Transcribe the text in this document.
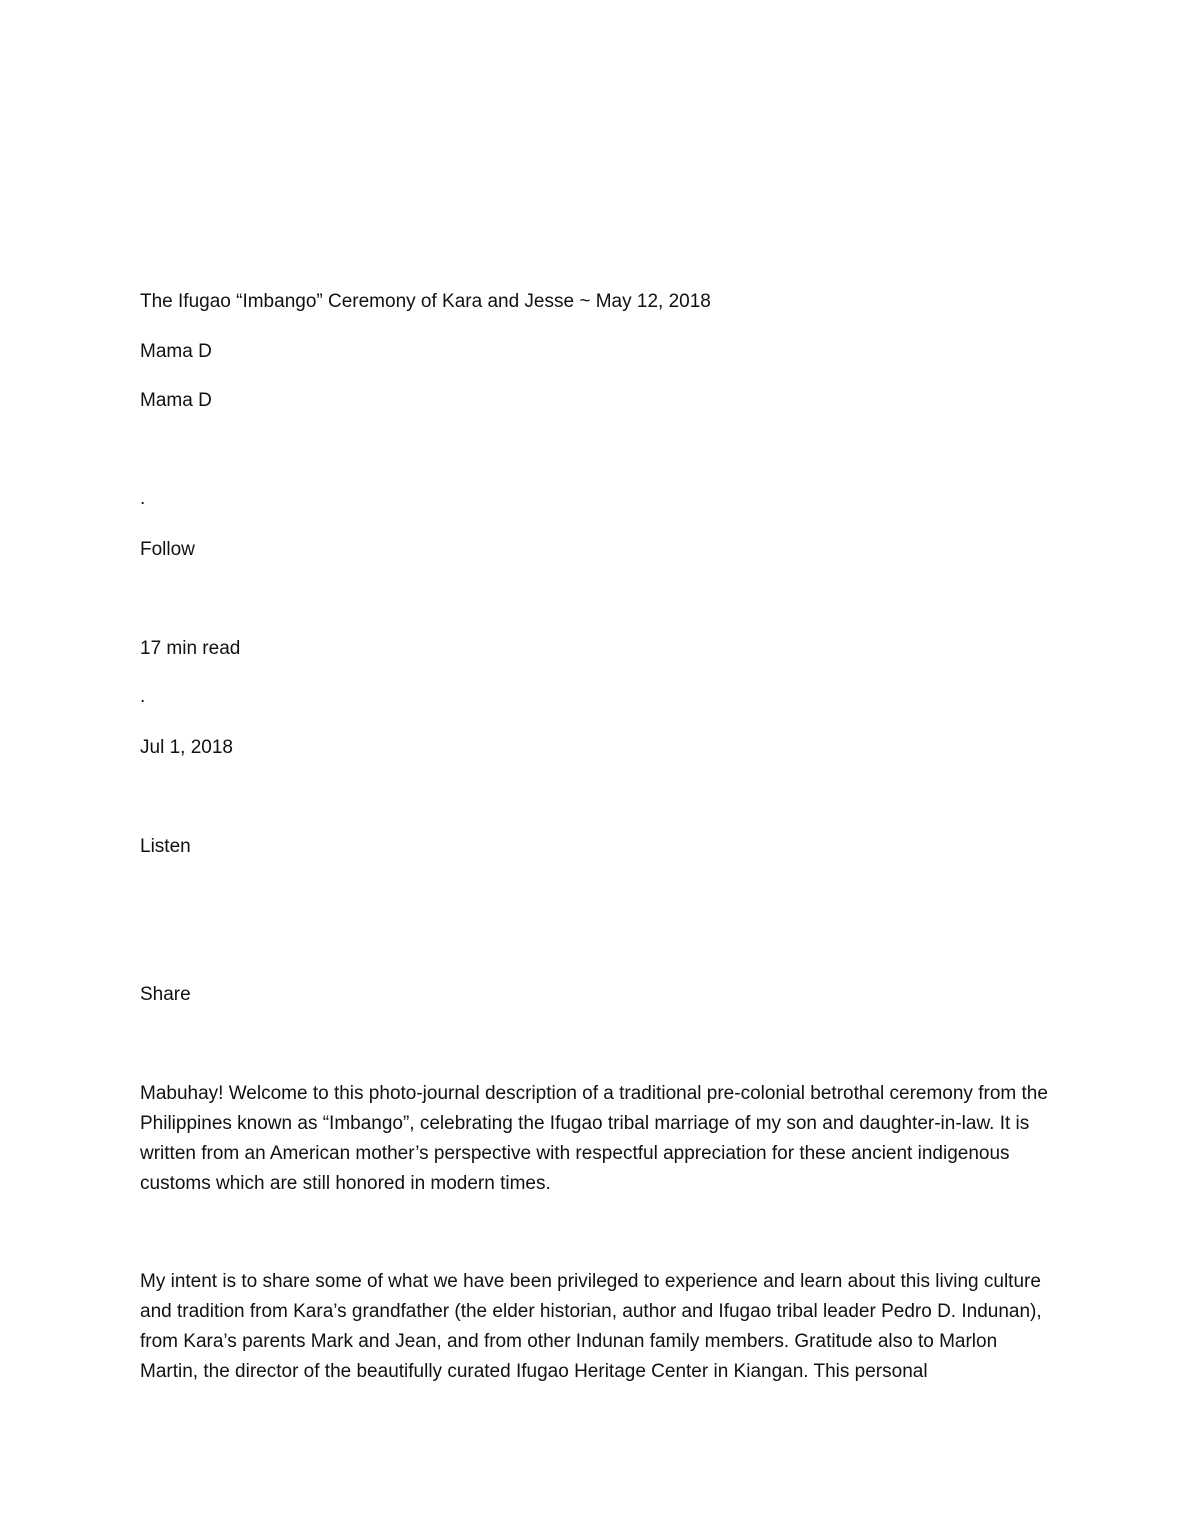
The Ifugao “Imbango” Ceremony of Kara and Jesse ~ May 12, 2018

Mama D

Mama D

.

Follow

17 min read

.

Jul 1, 2018

Listen

Share

Mabuhay! Welcome to this photo-journal description of a traditional pre-colonial betrothal ceremony from the Philippines known as “Imbango”, celebrating the Ifugao tribal marriage of my son and daughter-in-law. It is written from an American mother’s perspective with respectful appreciation for these ancient indigenous customs which are still honored in modern times.

My intent is to share some of what we have been privileged to experience and learn about this living culture and tradition from Kara’s grandfather (the elder historian, author and Ifugao tribal leader Pedro D. Indunan), from Kara’s parents Mark and Jean, and from other Indunan family members. Gratitude also to Marlon Martin, the director of the beautifully curated Ifugao Heritage Center in Kiangan. This personal
